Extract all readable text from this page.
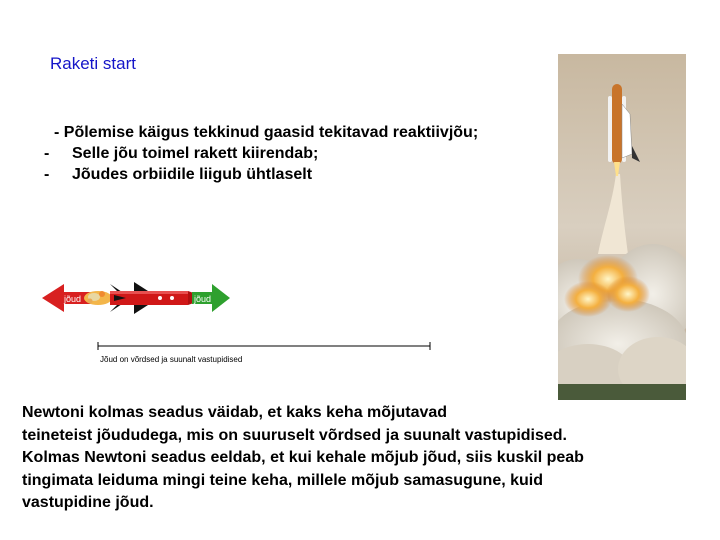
Raketi start
- Põlemise käigus tekkinud gaasid tekitavad reaktiivjõu;
- Selle jõu toimel rakett kiirendab;
- Jõudes orbiidile liigub ühtlaselt
jõud	jõud
Jõud on võrdsed ja suunalt vastupidised
Newtoni kolmas seadus väidab, et kaks keha mõjutavad
teineteist jõududega, mis on suuruselt võrdsed ja suunalt vastupidised.
Kolmas Newtoni seadus eeldab, et kui kehale mõjub jõud, siis kuskil peab
tingimata leiduma mingi teine keha, millele mõjub samasugune, kuid
vastupidine jõud.
